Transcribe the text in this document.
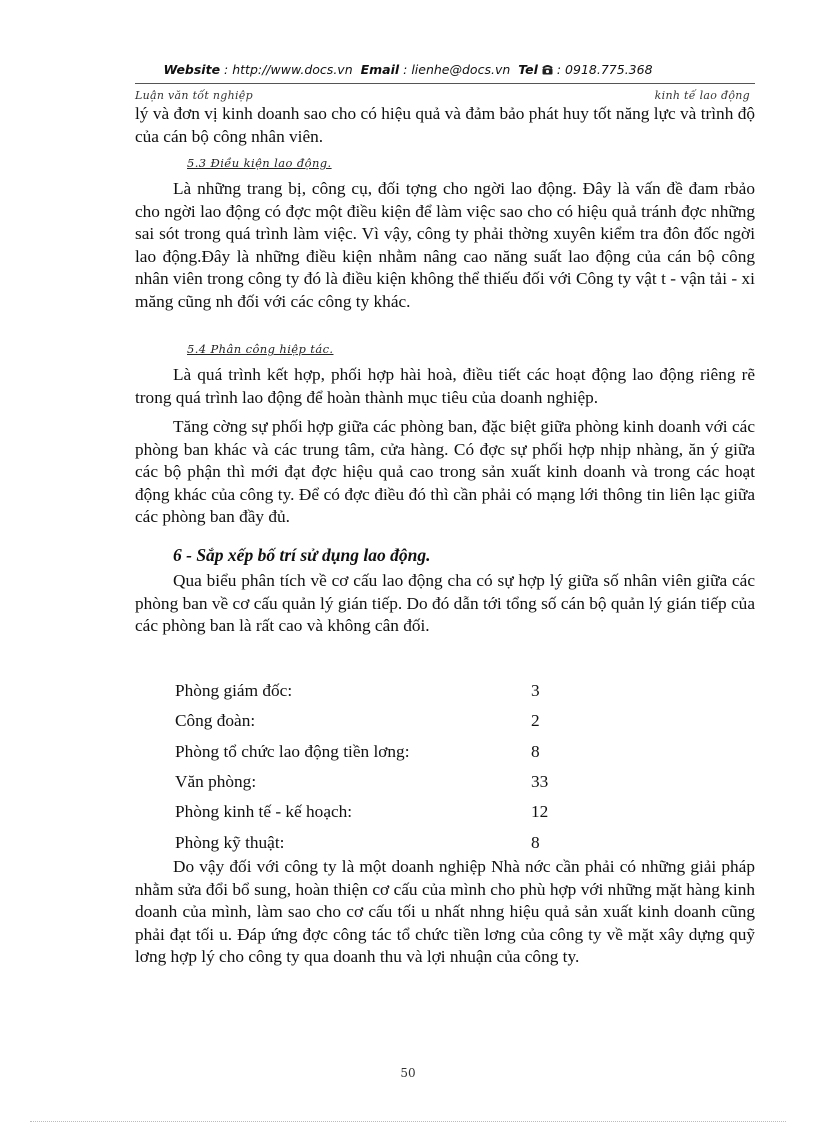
Website : http://www.docs.vn Email : lienhe@docs.vn Tel : 0918.775.368
Luận văn tốt nghiệp	kinh tế lao động

lý và đơn vị kinh doanh sao cho có hiệu quả và đảm bảo phát huy tốt năng lực và trình độ của cán bộ công nhân viên.

5.3 Điều kiện lao động.

Là những trang bị, công cụ, đối tợng cho ngời lao động. Đây là vấn đề đam rbảo cho ngời lao động có đợc một điều kiện để làm việc sao cho có hiệu quả tránh đợc những sai sót trong quá trình làm việc. Vì vậy, công ty phải thờng xuyên kiểm tra đôn đốc ngời lao động.Đây là những điều kiện nhằm nâng cao năng suất lao động của cán bộ công nhân viên trong công ty đó là điều kiện không thể thiếu đối với Công ty vật t - vận tải - xi măng cũng nh đối với các công ty khác.

5.4 Phân công hiệp tác.

Là quá trình kết hợp, phối hợp hài hoà, điều tiết các hoạt động lao động riêng rẽ trong quá trình lao động để hoàn thành mục tiêu của doanh nghiệp.

Tăng cờng sự phối hợp giữa các phòng ban, đặc biệt giữa phòng kinh doanh với các phòng ban khác và các trung tâm, cửa hàng. Có đợc sự phối hợp nhịp nhàng, ăn ý giữa các bộ phận thì mới đạt đợc hiệu quả cao trong sản xuất kinh doanh và trong các hoạt động khác của công ty. Để có đợc điều đó thì cần phải có mạng lới thông tin liên lạc giữa các phòng ban đầy đủ.

6 - Sắp xếp bố trí sử dụng lao động.

Qua biểu phân tích về cơ cấu lao động cha có sự hợp lý giữa số nhân viên giữa các phòng ban về cơ cấu quản lý gián tiếp. Do đó dẫn tới tổng số cán bộ quản lý gián tiếp của các phòng ban là rất cao và không cân đối.

Phòng giám đốc:	3
Công đoàn:	2
Phòng tổ chức lao động tiền lơng:	8
Văn phòng:	33
Phòng kinh tế - kế hoạch:	12
Phòng kỹ thuật:	8

Do vậy đối với công ty là một doanh nghiệp Nhà nớc cần phải có những giải pháp nhằm sửa đổi bổ sung, hoàn thiện cơ cấu của mình cho phù hợp với những mặt hàng kinh doanh của mình, làm sao cho cơ cấu tối u nhất nhng hiệu quả sản xuất kinh doanh cũng phải đạt tối u. Đáp ứng đợc công tác tổ chức tiền lơng của công ty về mặt xây dựng quỹ lơng hợp lý cho công ty qua doanh thu và lợi nhuận của công ty.

50
